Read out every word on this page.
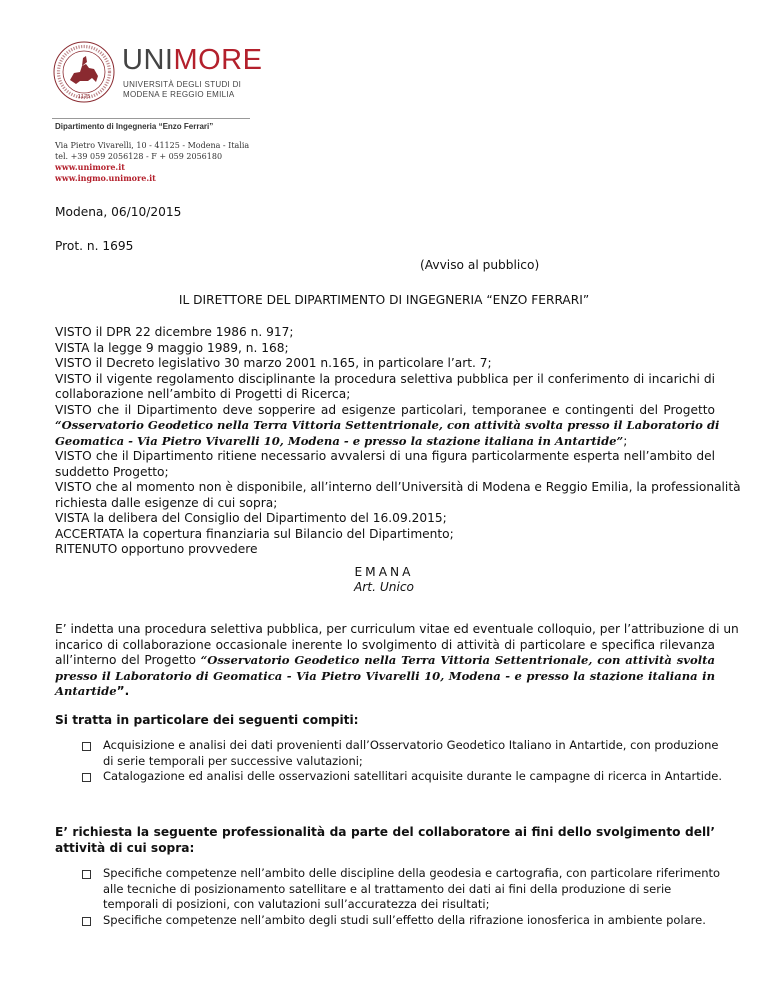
1175
UNIMORE
UNIVERSITÀ DEGLI STUDI DI
MODENA E REGGIO EMILIA
Dipartimento di Ingegneria “Enzo Ferrari”
Via Pietro Vivarelli, 10 - 41125 - Modena - Italia
tel. +39 059 2056128 - F + 059 2056180
www.unimore.it
www.ingmo.unimore.it
Modena, 06/10/2015
Prot. n. 1695
(Avviso al pubblico)
IL DIRETTORE DEL DIPARTIMENTO DI INGEGNERIA “ENZO FERRARI”
VISTO il DPR 22 dicembre 1986 n. 917;
VISTA la legge 9 maggio 1989, n. 168;
VISTO il Decreto legislativo 30 marzo 2001 n.165, in particolare l’art. 7;
VISTO il vigente regolamento disciplinante la procedura selettiva pubblica per il conferimento di incarichi di
collaborazione nell’ambito di Progetti di Ricerca;
VISTO che il Dipartimento deve sopperire ad esigenze particolari, temporanee e contingenti del Progetto
“Osservatorio Geodetico nella Terra Vittoria Settentrionale, con attività svolta presso il Laboratorio di
Geomatica - Via Pietro Vivarelli 10, Modena - e presso la stazione italiana in Antartide”;
VISTO che il Dipartimento ritiene necessario avvalersi di una figura particolarmente esperta nell’ambito del
suddetto Progetto;
VISTO che al momento non è disponibile, all’interno dell’Università di Modena e Reggio Emilia, la professionalità
richiesta dalle esigenze di cui sopra;
VISTA la delibera del Consiglio del Dipartimento del 16.09.2015;
ACCERTATA la copertura finanziaria sul Bilancio del Dipartimento;
RITENUTO opportuno provvedere
EMANA
Art. Unico
E’ indetta una procedura selettiva pubblica, per curriculum vitae ed eventuale colloquio, per l’attribuzione di un
incarico di collaborazione occasionale inerente lo svolgimento di attività di particolare e specifica rilevanza
all’interno del Progetto “Osservatorio Geodetico nella Terra Vittoria Settentrionale, con attività svolta
presso il Laboratorio di Geomatica - Via Pietro Vivarelli 10, Modena - e presso la stazione italiana in
Antartide”.
Si tratta in particolare dei seguenti compiti:
Acquisizione e analisi dei dati provenienti dall’Osservatorio Geodetico Italiano in Antartide, con produzione di serie temporali per successive valutazioni;
Catalogazione ed analisi delle osservazioni satellitari acquisite durante le campagne di ricerca in Antartide.
E’ richiesta la seguente professionalità da parte del collaboratore ai fini dello svolgimento dell’
attività di cui sopra:
Specifiche competenze nell’ambito delle discipline della geodesia e cartografia, con particolare riferimento alle tecniche di posizionamento satellitare e al trattamento dei dati ai fini della produzione di serie temporali di posizioni, con valutazioni sull’accuratezza dei risultati;
Specifiche competenze nell’ambito degli studi sull’effetto della rifrazione ionosferica in ambiente polare.
